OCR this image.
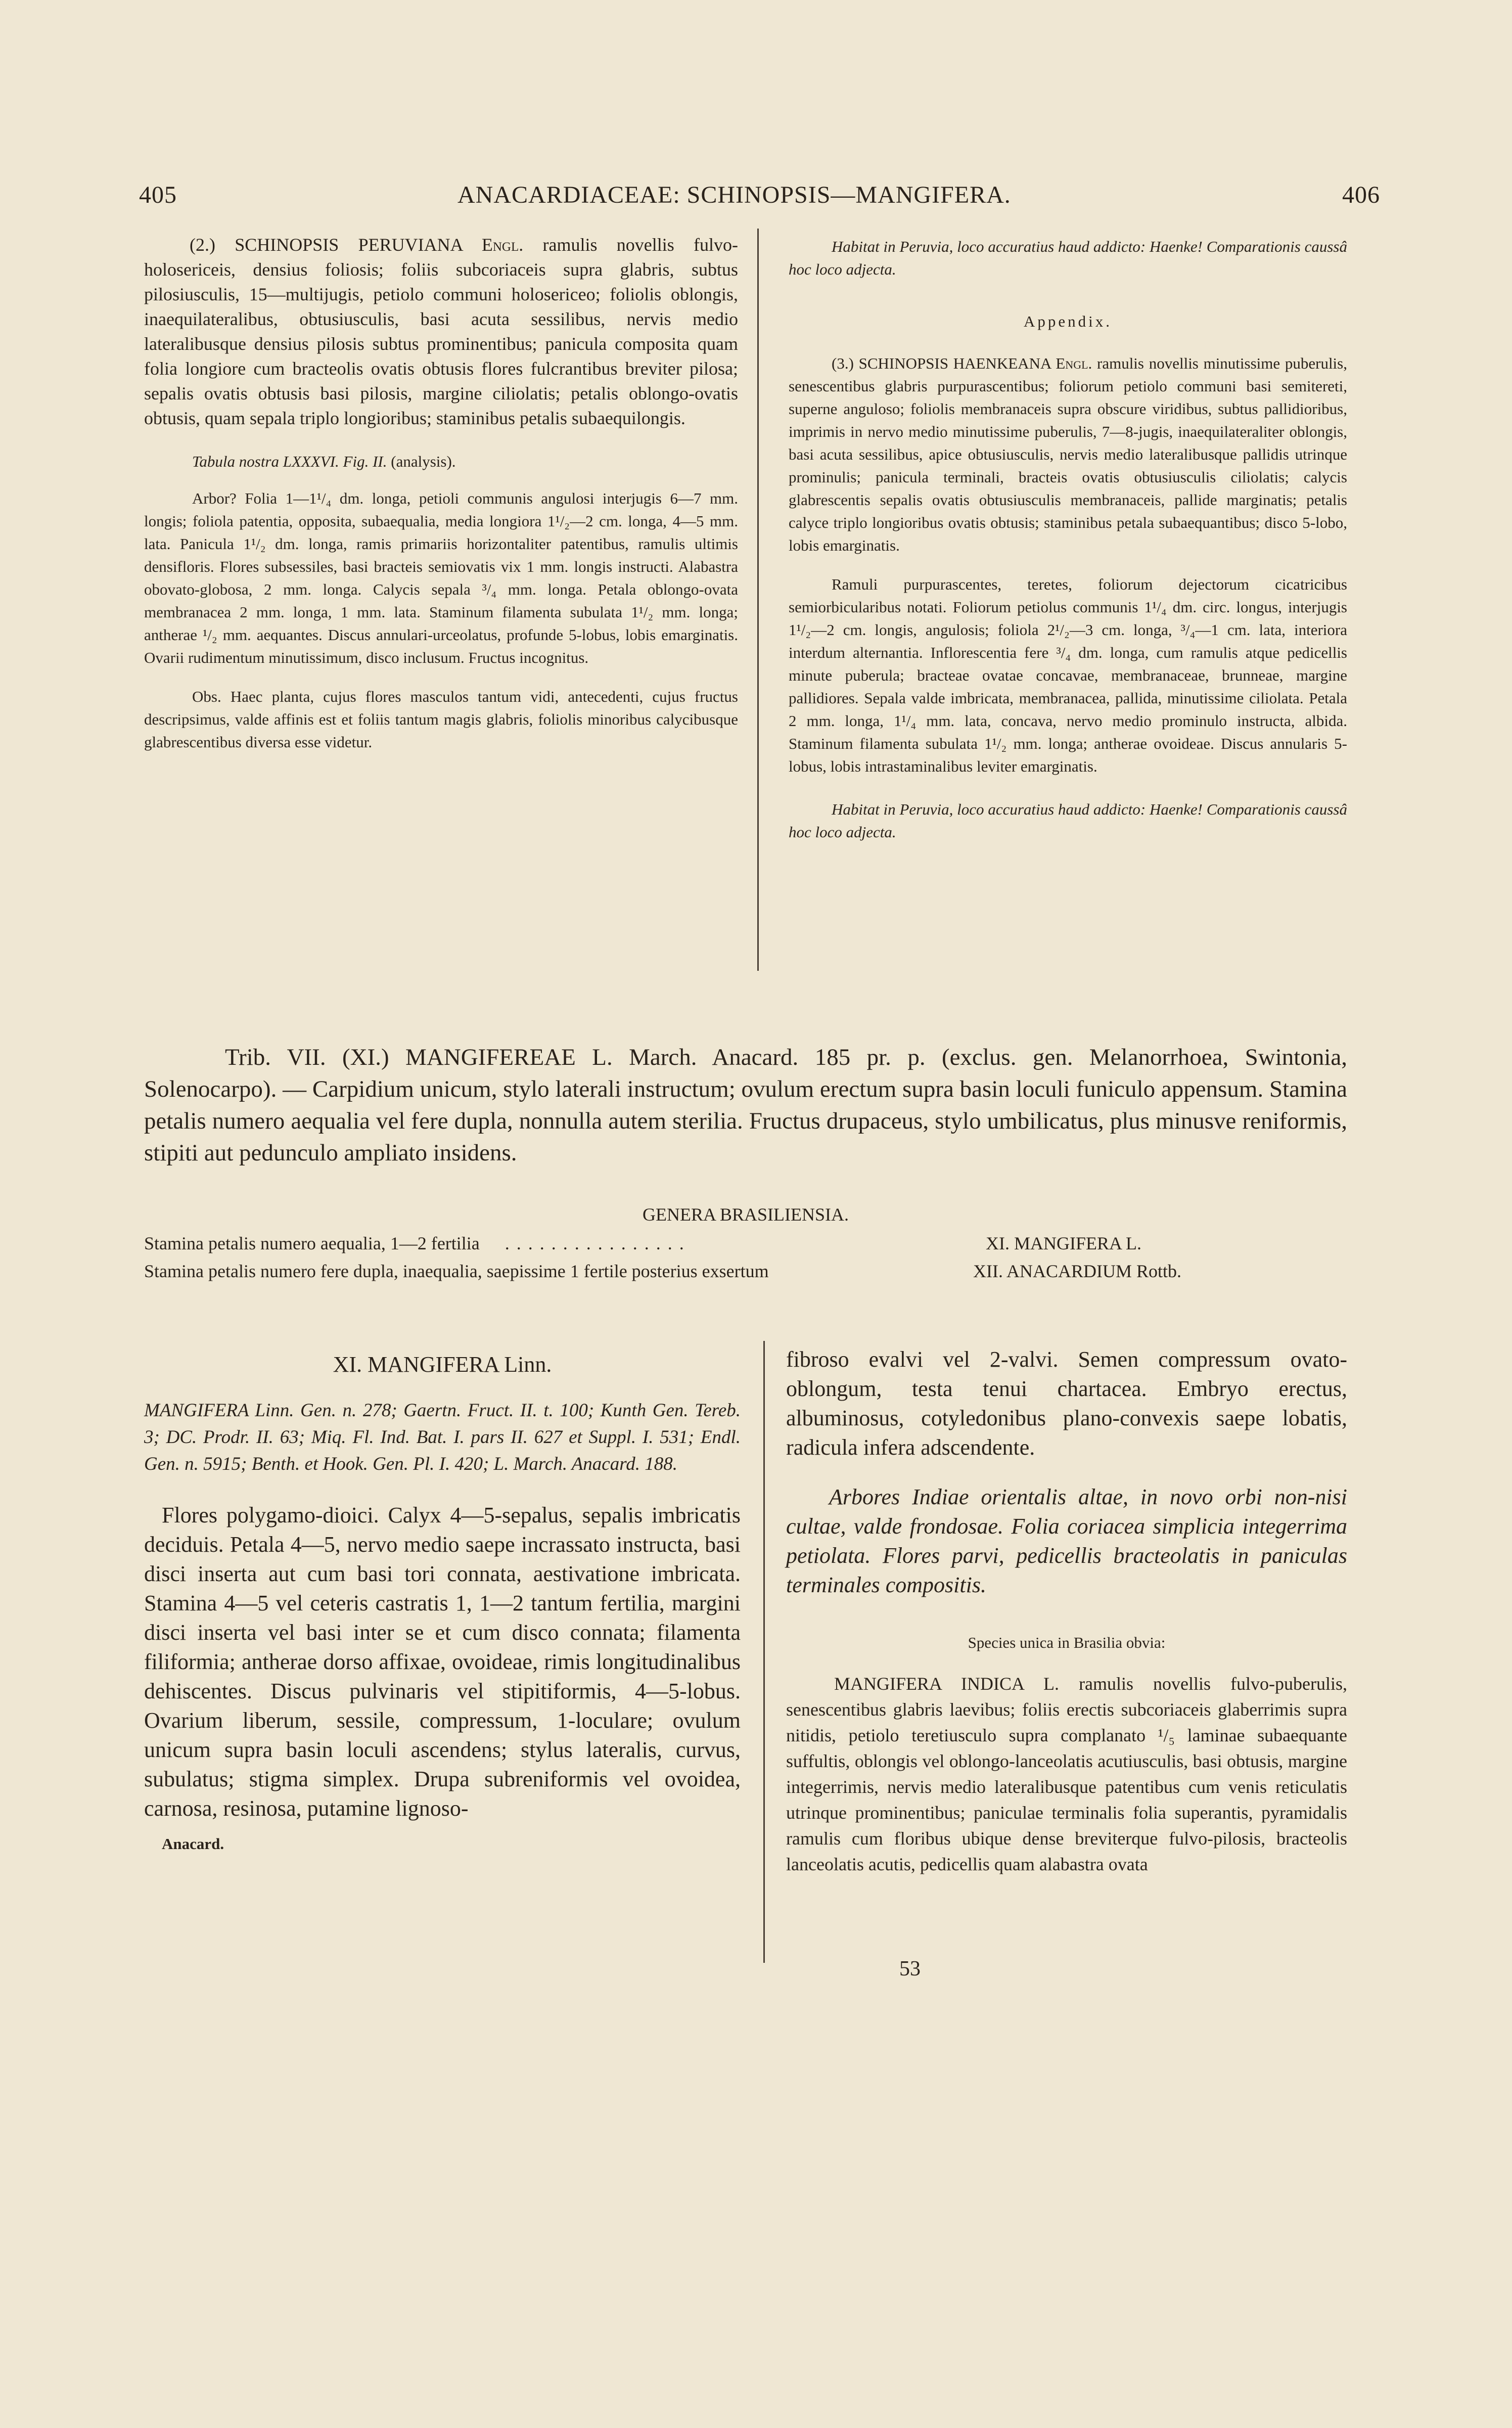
405	ANACARDIACEAE: SCHINOPSIS—MANGIFERA.	406

(2.) SCHINOPSIS PERUVIANA Engl. ramulis novellis fulvo-holosericeis, densius foliosis; foliis subcoriaceis supra glabris, subtus pilosiusculis, 15—multijugis, petiolo communi holosericeo; foliolis oblongis, inaequilateralibus, obtusiusculis, basi acuta sessilibus, nervis medio lateralibusque densius pilosis subtus prominentibus; panicula composita quam folia longiore cum bracteolis ovatis obtusis flores fulcrantibus breviter pilosa; sepalis ovatis obtusis basi pilosis, margine ciliolatis; petalis oblongo-ovatis obtusis, quam sepala triplo longioribus; staminibus petalis subaequilongis.

Tabula nostra LXXXVI. Fig. II. (analysis).

Arbor? Folia 1—1¹/₄ dm. longa, petioli communis angulosi interjugis 6—7 mm. longis; foliola patentia, opposita, subaequalia, media longiora 1¹/₂—2 cm. longa, 4—5 mm. lata. Panicula 1¹/₂ dm. longa, ramis primariis horizontaliter patentibus, ramulis ultimis densifloris. Flores subsessiles, basi bracteis semiovatis vix 1 mm. longis instructi. Alabastra obovato-globosa, 2 mm. longa. Calycis sepala ³/₄ mm. longa. Petala oblongo-ovata membranacea 2 mm. longa, 1 mm. lata. Staminum filamenta subulata 1¹/₂ mm. longa; antherae ¹/₂ mm. aequantes. Discus annulari-urceolatus, profunde 5-lobus, lobis emarginatis. Ovarii rudimentum minutissimum, disco inclusum. Fructus incognitus.

Obs. Haec planta, cujus flores masculos tantum vidi, antecedenti, cujus fructus descripsimus, valde affinis est et foliis tantum magis glabris, foliolis minoribus calycibusque glabrescentibus diversa esse videtur.

Habitat in Peruvia, loco accuratius haud addicto: Haenke! Comparationis caussâ hoc loco adjecta.

Appendix.

(3.) SCHINOPSIS HAENKEANA Engl. ramulis novellis minutissime puberulis, senescentibus glabris purpurascentibus; foliorum petiolo communi basi semitereti, superne anguloso; foliolis membranaceis supra obscure viridibus, subtus pallidioribus, imprimis in nervo medio minutissime puberulis, 7—8-jugis, inaequilateraliter oblongis, basi acuta sessilibus, apice obtusiusculis, nervis medio lateralibusque pallidis utrinque prominulis; panicula terminali, bracteis ovatis obtusiusculis ciliolatis; calycis glabrescentis sepalis ovatis obtusiusculis membranaceis, pallide marginatis; petalis calyce triplo longioribus ovatis obtusis; staminibus petala subaequantibus; disco 5-lobo, lobis emarginatis.

Ramuli purpurascentes, teretes, foliorum dejectorum cicatricibus semiorbicularibus notati. Foliorum petiolus communis 1¹/₄ dm. circ. longus, interjugis 1¹/₂—2 cm. longis, angulosis; foliola 2¹/₂—3 cm. longa, ³/₄—1 cm. lata, interiora interdum alternantia. Inflorescentia fere ³/₄ dm. longa, cum ramulis atque pedicellis minute puberula; bracteae ovatae concavae, membranaceae, brunneae, margine pallidiores. Sepala valde imbricata, membranacea, pallida, minutissime ciliolata. Petala 2 mm. longa, 1¹/₄ mm. lata, concava, nervo medio prominulo instructa, albida. Staminum filamenta subulata 1¹/₂ mm. longa; antherae ovoideae. Discus annularis 5-lobus, lobis intrastaminalibus leviter emarginatis.

Habitat in Peruvia, loco accuratius haud addicto: Haenke! Comparationis caussâ hoc loco adjecta.

Trib. VII. (XI.) MANGIFEREAE L. March. Anacard. 185 pr. p. (exclus. gen. Melanorrhoea, Swintonia, Solenocarpo). — Carpidium unicum, stylo laterali instructum; ovulum erectum supra basin loculi funiculo appensum. Stamina petalis numero aequalia vel fere dupla, nonnulla autem sterilia. Fructus drupaceus, stylo umbilicatus, plus minusve reniformis, stipiti aut pedunculo ampliato insidens.
GENERA BRASILIENSIA.
Stamina petalis numero aequalia, 1—2 fertilia ................	XI. MANGIFERA L.
Stamina petalis numero fere dupla, inaequalia, saepissime 1 fertile posterius exsertum	XII. ANACARDIUM Rottb.

XI. MANGIFERA Linn.

MANGIFERA Linn. Gen. n. 278; Gaertn. Fruct. II. t. 100; Kunth Gen. Tereb. 3; DC. Prodr. II. 63; Miq. Fl. Ind. Bat. I. pars II. 627 et Suppl. I. 531; Endl. Gen. n. 5915; Benth. et Hook. Gen. Pl. I. 420; L. March. Anacard. 188.

Flores polygamo-dioici. Calyx 4—5-sepalus, sepalis imbricatis deciduis. Petala 4—5, nervo medio saepe incrassato instructa, basi disci inserta aut cum basi tori connata, aestivatione imbricata. Stamina 4—5 vel ceteris castratis 1, 1—2 tantum fertilia, margini disci inserta vel basi inter se et cum disco connata; filamenta filiformia; antherae dorso affixae, ovoideae, rimis longitudinalibus dehiscentes. Discus pulvinaris vel stipitiformis, 4—5-lobus. Ovarium liberum, sessile, compressum, 1-loculare; ovulum unicum supra basin loculi ascendens; stylus lateralis, curvus, subulatus; stigma simplex. Drupa subreniformis vel ovoidea, carnosa, resinosa, putamine lignoso-

Anacard.

fibroso evalvi vel 2-valvi. Semen compressum ovato-oblongum, testa tenui chartacea. Embryo erectus, albuminosus, cotyledonibus plano-convexis saepe lobatis, radicula infera adscendente.

Arbores Indiae orientalis altae, in novo orbi non-nisi cultae, valde frondosae. Folia coriacea simplicia integerrima petiolata. Flores parvi, pedicellis bracteolatis in paniculas terminales compositis.

Species unica in Brasilia obvia:

MANGIFERA INDICA L. ramulis novellis fulvo-puberulis, senescentibus glabris laevibus; foliis erectis subcoriaceis glaberrimis supra nitidis, petiolo teretiusculo supra complanato ¹/₅ laminae subaequante suffultis, oblongis vel oblongo-lanceolatis acutiusculis, basi obtusis, margine integerrimis, nervis medio lateralibusque patentibus cum venis reticulatis utrinque prominentibus; paniculae terminalis folia superantis, pyramidalis ramulis cum floribus ubique dense breviterque fulvo-pilosis, bracteolis lanceolatis acutis, pedicellis quam alabastra ovata

53
